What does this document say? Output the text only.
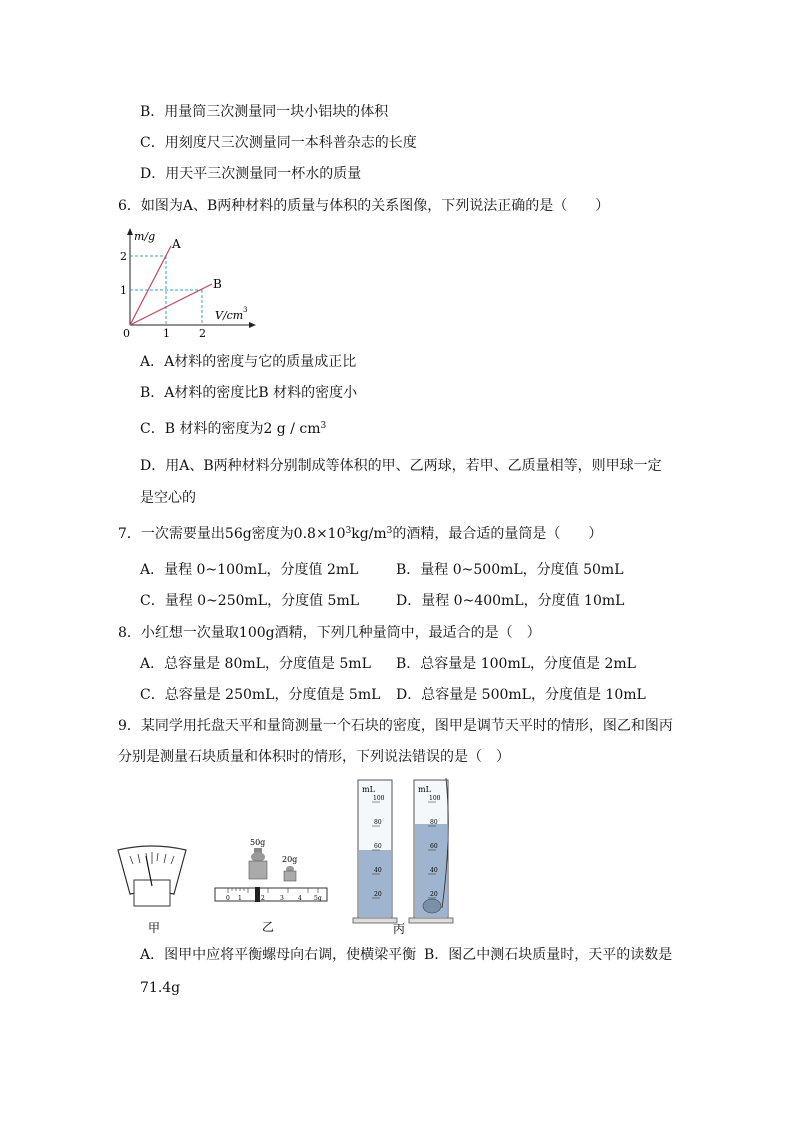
B．用量筒三次测量同一块小铝块的体积
C．用刻度尺三次测量同一本科普杂志的长度
D．用天平三次测量同一杯水的质量
6．如图为A、B两种材料的质量与体积的关系图像，下列说法正确的是（　　）
m/g
A
B
2
1
0	1	2
V/cm 3
A．A材料的密度与它的质量成正比
B．A材料的密度比B 材料的密度小
C．B 材料的密度为2 g / $cm^3$
D．用A、B两种材料分别制成等体积的甲、乙两球，若甲、乙质量相等，则甲球一定
是空心的
7．一次需要量出56g密度为$0.8\times 10^3kg/m^3$的酒精，最合适的量筒是（　　）
A．量程 0~100mL，分度值 2mL	B．量程 0~500mL，分度值 50mL
C．量程 0~250mL，分度值 5mL	D．量程 0~400mL，分度值 10mL
8．小红想一次量取100g酒精，下列几种量筒中，最适合的是（　）
A．总容量是 80mL，分度值是 5mL B．总容量是 100mL，分度值是 2mL
C．总容量是 250mL，分度值是 5mL D．总容量是 500mL，分度值是 10mL
9．某同学用托盘天平和量筒测量一个石块的密度，图甲是调节天平时的情形，图乙和图丙
分别是测量石块质量和体积时的情形，下列说法错误的是（　）
甲
50g
20g
0 1	2	3 4 5g
乙
mL
100
80
60
40
20
mL
100
80
60
40
20
丙
A．图甲中应将平衡螺母向右调，使横梁平衡 B．图乙中测石块质量时，天平的读数是
71.4g
